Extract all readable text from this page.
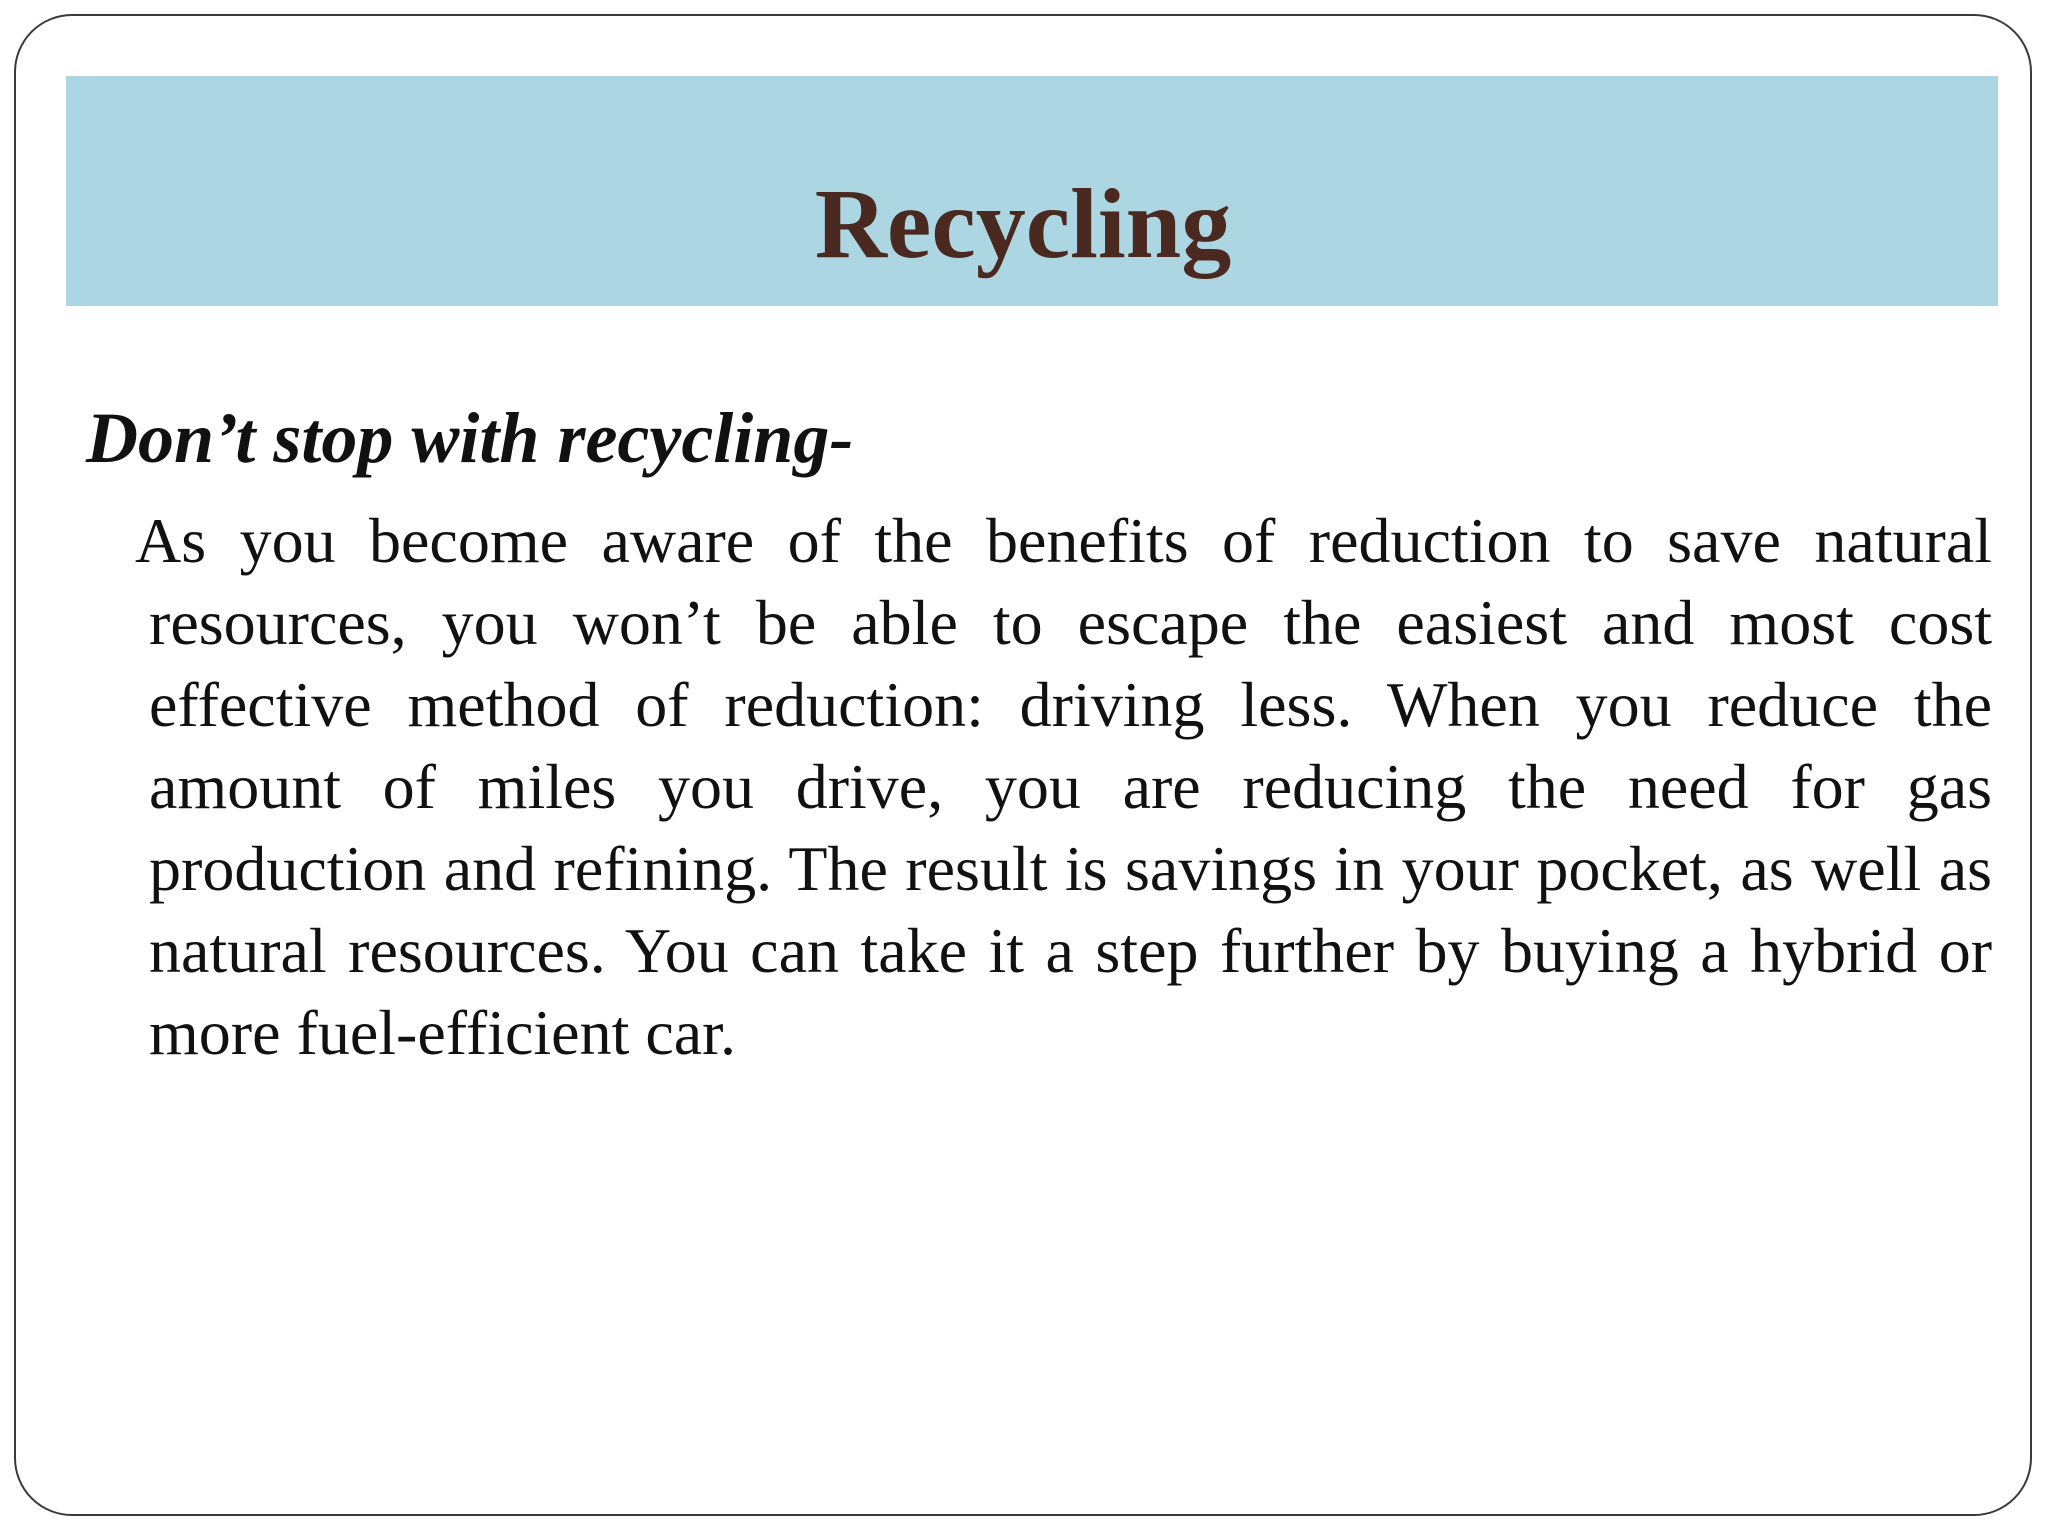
Recycling

Don’t stop with recycling-

As you become aware of the benefits of reduction to save natural resources, you won’t be able to escape the easiest and most cost effective method of reduction: driving less. When you reduce the amount of miles you drive, you are reducing the need for gas production and refining. The result is savings in your pocket, as well as natural resources. You can take it a step further by buying a hybrid or more fuel-efficient car.
